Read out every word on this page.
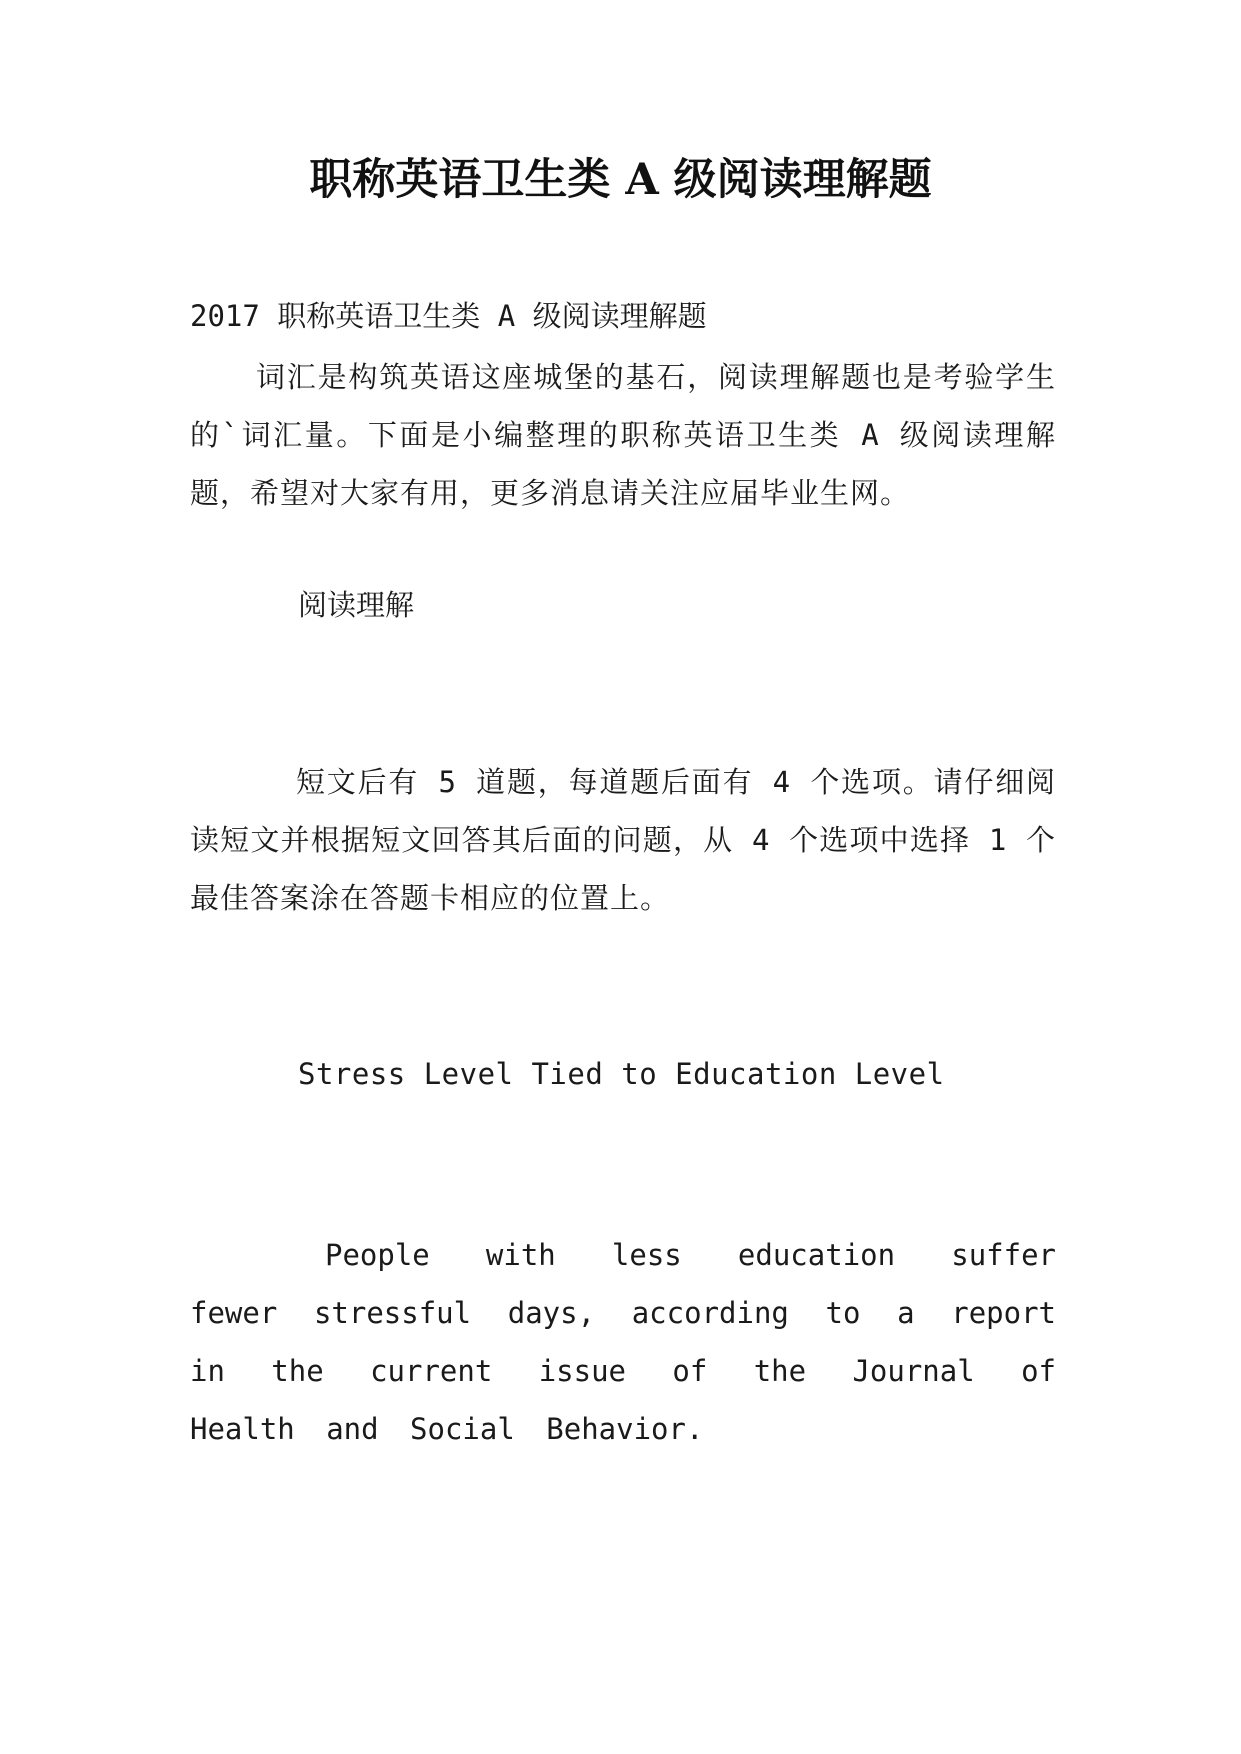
职称英语卫生类 A 级阅读理解题
2017 职称英语卫生类 A 级阅读理解题
词汇是构筑英语这座城堡的基石，阅读理解题也是考验学生的`词汇量。下面是小编整理的职称英语卫生类 A 级阅读理解题，希望对大家有用，更多消息请关注应届毕业生网。
阅读理解
短文后有 5 道题，每道题后面有 4 个选项。请仔细阅读短文并根据短文回答其后面的问题，从 4 个选项中选择 1 个最佳答案涂在答题卡相应的位置上。
Stress Level Tied to Education Level
People with less education suffer fewer stressful days, according to a report in the current issue of the Journal of Health and Social Behavior.
